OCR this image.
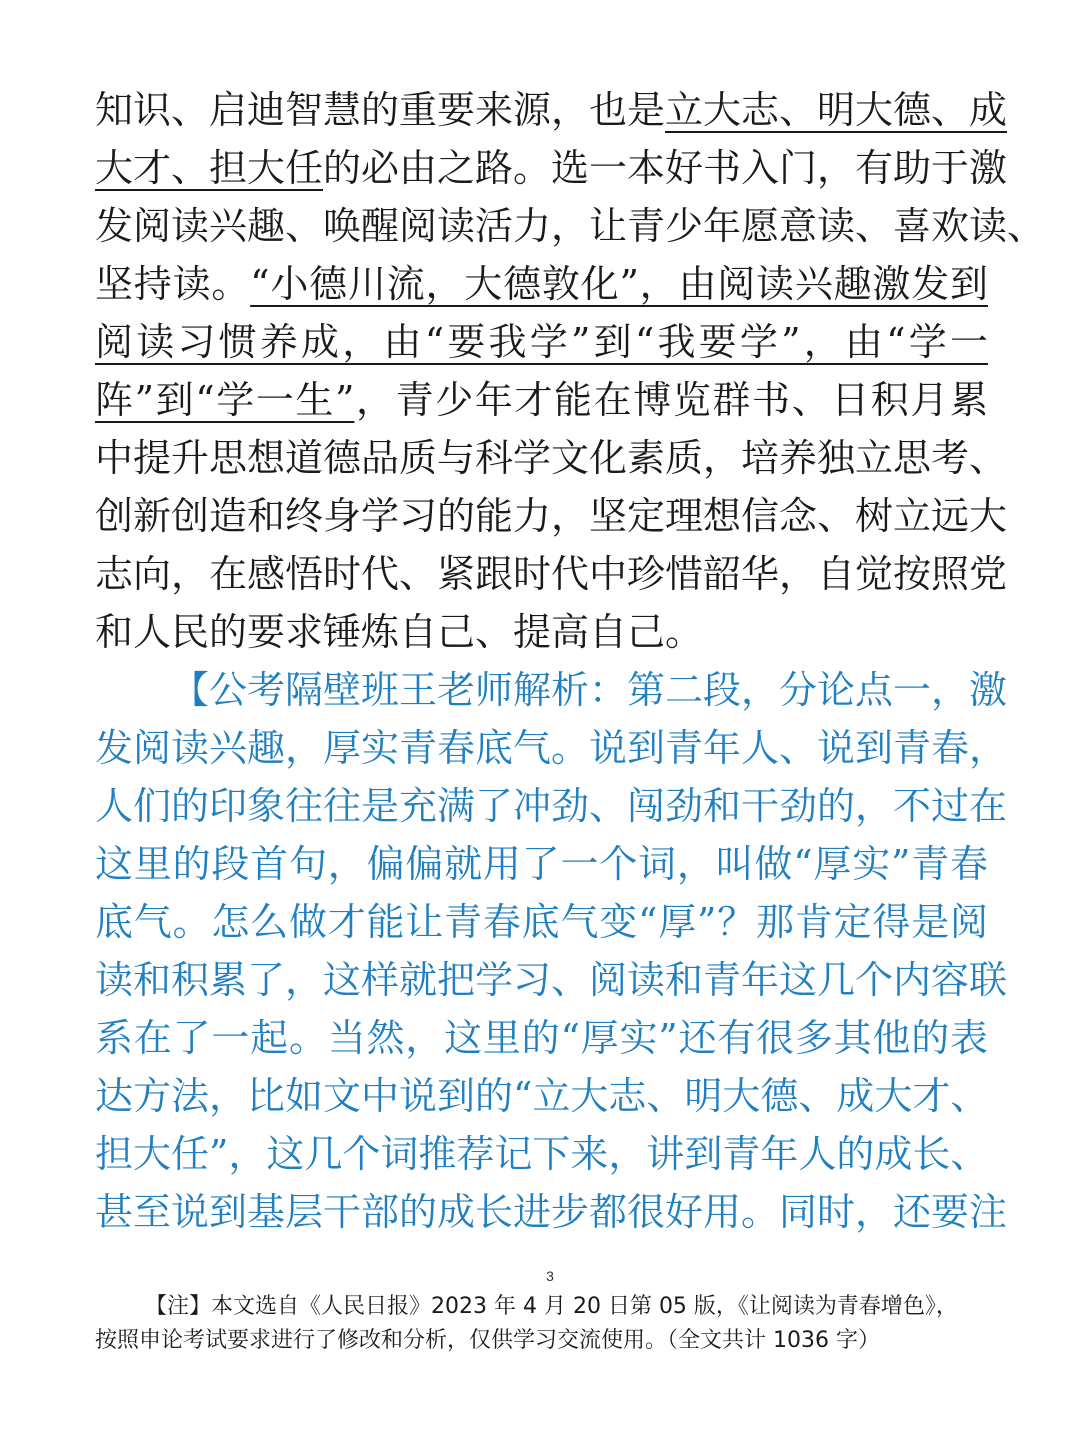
知识、启迪智慧的重要来源，也是立大志、明大德、成
大才、担大任的必由之路。选一本好书入门，有助于激
发阅读兴趣、唤醒阅读活力，让青少年愿意读、喜欢读、
坚持读。“小德川流，大德敦化”，由阅读兴趣激发到
阅读习惯养成，由“要我学”到“我要学”，由“学一
阵”到“学一生”，青少年才能在博览群书、日积月累
中提升思想道德品质与科学文化素质，培养独立思考、
创新创造和终身学习的能力，坚定理想信念、树立远大
志向，在感悟时代、紧跟时代中珍惜韶华，自觉按照党
和人民的要求锤炼自己、提高自己。
【公考隔壁班王老师解析：第二段，分论点一，激
发阅读兴趣，厚实青春底气。说到青年人、说到青春，
人们的印象往往是充满了冲劲、闯劲和干劲的，不过在
这里的段首句，偏偏就用了一个词，叫做“厚实”青春
底气。怎么做才能让青春底气变“厚”？那肯定得是阅
读和积累了，这样就把学习、阅读和青年这几个内容联
系在了一起。当然，这里的“厚实”还有很多其他的表
达方法，比如文中说到的“立大志、明大德、成大才、
担大任”，这几个词推荐记下来，讲到青年人的成长、
甚至说到基层干部的成长进步都很好用。同时，还要注
3
【注】本文选自《人民日报》2023 年 4 月 20 日第 05 版，《让阅读为青春增色》，
按照申论考试要求进行了修改和分析，仅供学习交流使用。（全文共计 1036 字）
